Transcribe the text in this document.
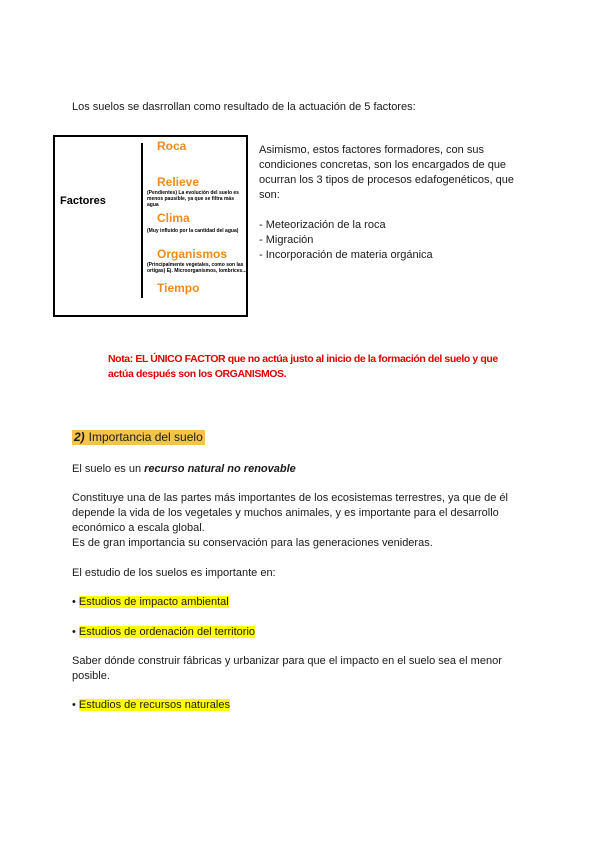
Los suelos se dasrrollan como resultado de la actuación de 5 factores:
Factores
Roca
Relieve
(Pendientes) La evolución del suelo es menos pausible, ya que se filtra más agua
Clima
(Muy influido por la cantidad del agua)
Organismos
(Principalmente vegetales, como son las ortigas) Ej. Microorganismos, lombrices...
Tiempo
Asimismo, estos factores formadores, con sus condiciones concretas, son los encargados de que ocurran los 3 tipos de procesos edafogenéticos, que son:
- Meteorización de la roca
- Migración
- Incorporación de materia orgánica
Nota: EL ÚNICO FACTOR que no actúa justo al inicio de la formación del suelo y que actúa después son los ORGANISMOS.
2) Importancia del suelo
El suelo es un recurso natural no renovable
Constituye una de las partes más importantes de los ecosistemas terrestres, ya que de él depende la vida de los vegetales y muchos animales, y es importante para el desarrollo económico a escala global.
Es de gran importancia su conservación para las generaciones venideras.
El estudio de los suelos es importante en:
• Estudios de impacto ambiental
• Estudios de ordenación del territorio
Saber dónde construir fábricas y urbanizar para que el impacto en el suelo sea el menor posible.
• Estudios de recursos naturales
